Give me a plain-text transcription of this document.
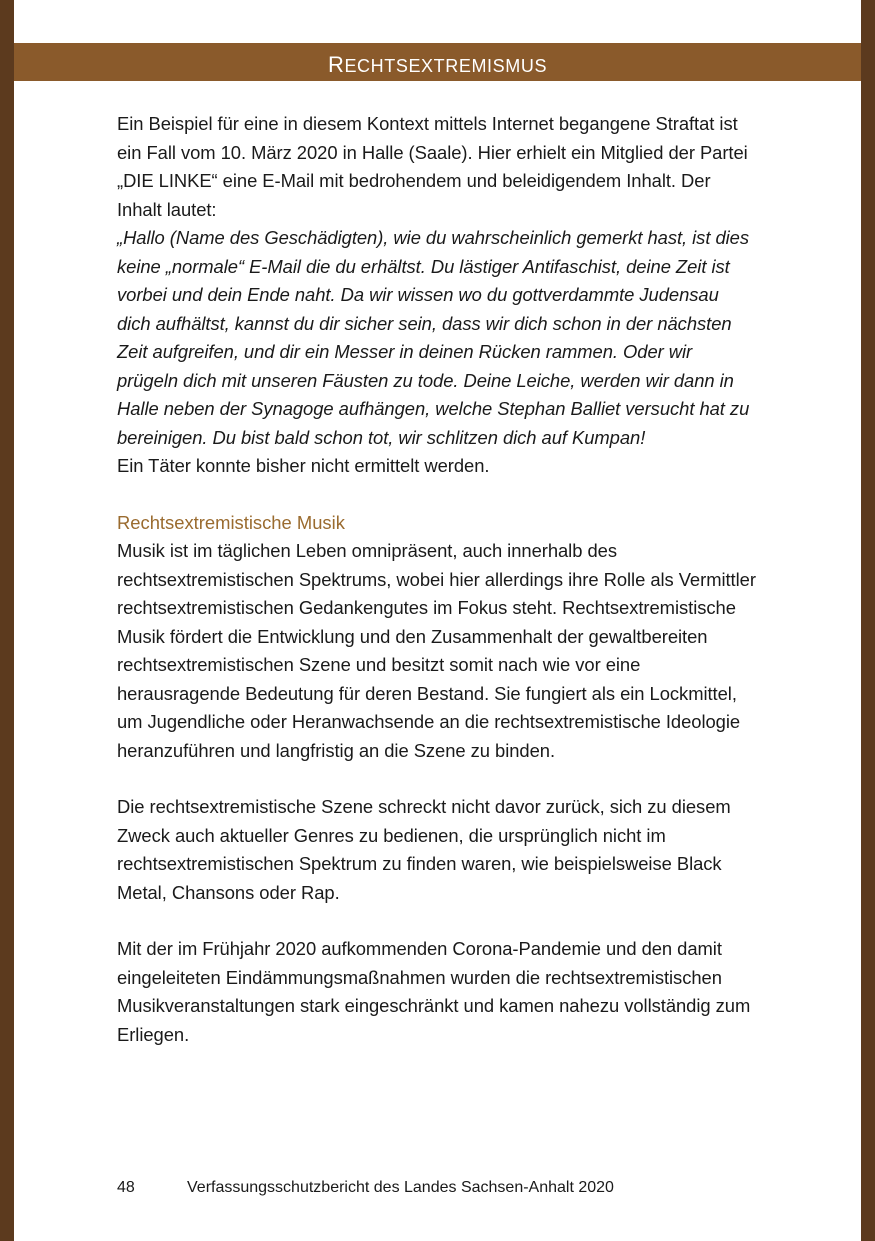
rechtsextremismus

Ein Beispiel für eine in diesem Kontext mittels Internet begangene Straftat ist ein Fall vom 10. März 2020 in Halle (Saale). Hier erhielt ein Mitglied der Partei „DIE LINKE“ eine E-Mail mit bedrohendem und beleidigendem Inhalt. Der Inhalt lautet:

„Hallo (Name des Geschädigten), wie du wahrscheinlich gemerkt hast, ist dies keine „normale“ E-Mail die du erhältst. Du lästiger Antifaschist, deine Zeit ist vorbei und dein Ende naht. Da wir wissen wo du gottverdammte Judensau dich aufhältst, kannst du dir sicher sein, dass wir dich schon in der nächsten Zeit aufgreifen, und dir ein Messer in deinen Rücken rammen. Oder wir prügeln dich mit unseren Fäusten zu tode. Deine Leiche, werden wir dann in Halle neben der Synagoge aufhängen, welche Stephan Balliet versucht hat zu bereinigen. Du bist bald schon tot, wir schlitzen dich auf Kumpan!

Ein Täter konnte bisher nicht ermittelt werden.

Rechtsextremistische Musik

Musik ist im täglichen Leben omnipräsent, auch innerhalb des rechtsextremistischen Spektrums, wobei hier allerdings ihre Rolle als Vermittler rechtsextremistischen Gedankengutes im Fokus steht. Rechtsextremistische Musik fördert die Entwicklung und den Zusammenhalt der gewaltbereiten rechtsextremistischen Szene und besitzt somit nach wie vor eine herausragende Bedeutung für deren Bestand. Sie fungiert als ein Lockmittel, um Jugendliche oder Heranwachsende an die rechtsextremistische Ideologie heranzuführen und langfristig an die Szene zu binden.

Die rechtsextremistische Szene schreckt nicht davor zurück, sich zu diesem Zweck auch aktueller Genres zu bedienen, die ursprünglich nicht im rechtsextremistischen Spektrum zu finden waren, wie beispielsweise Black Metal, Chansons oder Rap.

Mit der im Frühjahr 2020 aufkommenden Corona-Pandemie und den damit eingeleiteten Eindämmungsmaßnahmen wurden die rechtsextremistischen Musikveranstaltungen stark eingeschränkt und kamen nahezu vollständig zum Erliegen.

48	Verfassungsschutzbericht des Landes Sachsen-Anhalt 2020
